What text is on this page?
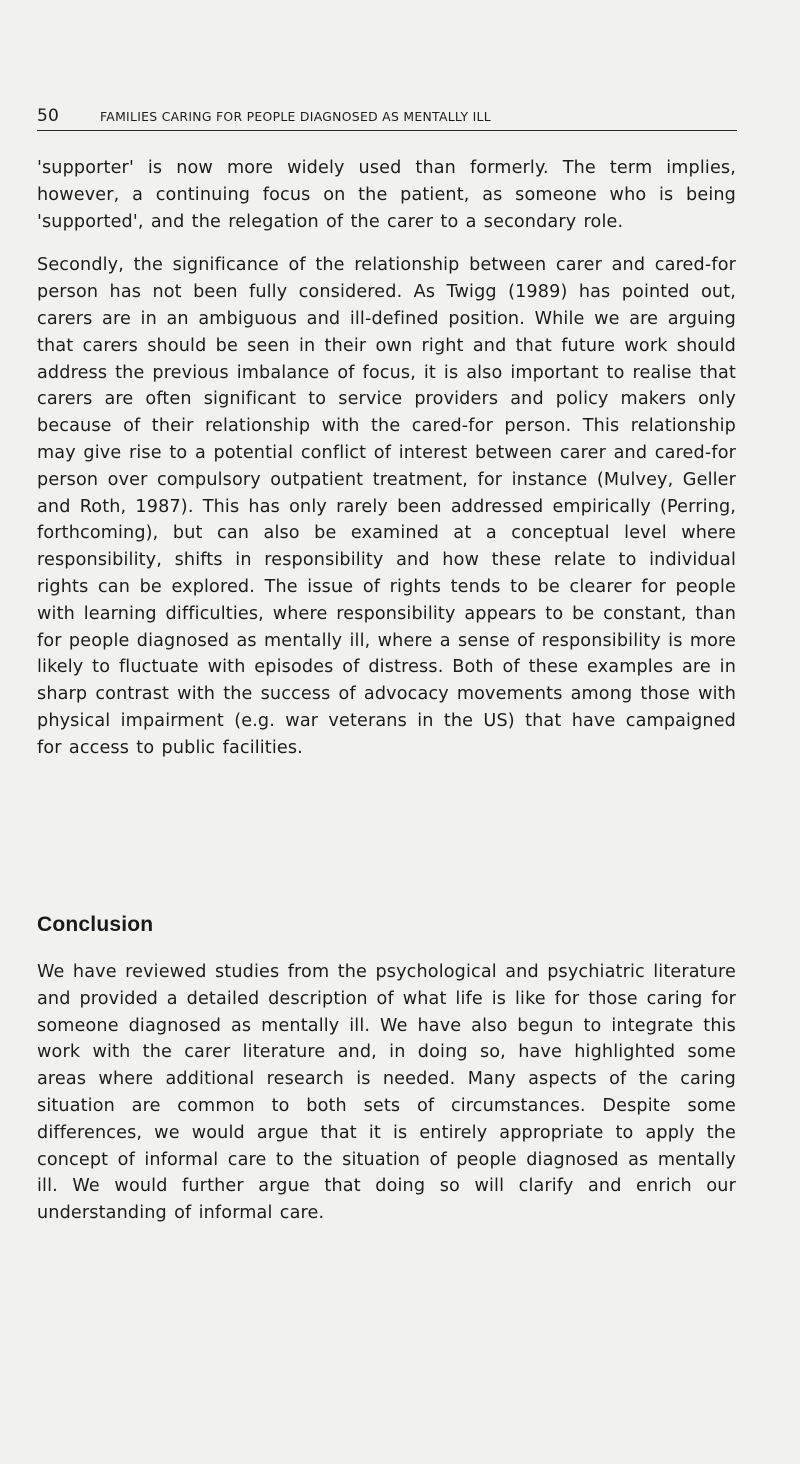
50	FAMILIES CARING FOR PEOPLE DIAGNOSED AS MENTALLY ILL

'supporter' is now more widely used than formerly. The term implies, however, a continuing focus on the patient, as someone who is being 'supported', and the relegation of the carer to a secondary role.

Secondly, the significance of the relationship between carer and cared-for person has not been fully considered. As Twigg (1989) has pointed out, carers are in an ambiguous and ill-defined position. While we are arguing that carers should be seen in their own right and that future work should address the previous imbalance of focus, it is also important to realise that carers are often significant to service providers and policy makers only because of their relationship with the cared-for person. This relationship may give rise to a potential conflict of interest between carer and cared-for person over compulsory outpatient treatment, for instance (Mulvey, Geller and Roth, 1987). This has only rarely been addressed empirically (Perring, forthcoming), but can also be examined at a conceptual level where responsibility, shifts in responsibility and how these relate to individual rights can be explored. The issue of rights tends to be clearer for people with learning difficulties, where responsibility appears to be constant, than for people diagnosed as mentally ill, where a sense of responsibility is more likely to fluctuate with episodes of distress. Both of these examples are in sharp contrast with the success of advocacy movements among those with physical impairment (e.g. war veterans in the US) that have campaigned for access to public facilities.

Conclusion

We have reviewed studies from the psychological and psychiatric literature and provided a detailed description of what life is like for those caring for someone diagnosed as mentally ill. We have also begun to integrate this work with the carer literature and, in doing so, have highlighted some areas where additional research is needed. Many aspects of the caring situation are common to both sets of circumstances. Despite some differences, we would argue that it is entirely appropriate to apply the concept of informal care to the situation of people diagnosed as mentally ill. We would further argue that doing so will clarify and enrich our understanding of informal care.
